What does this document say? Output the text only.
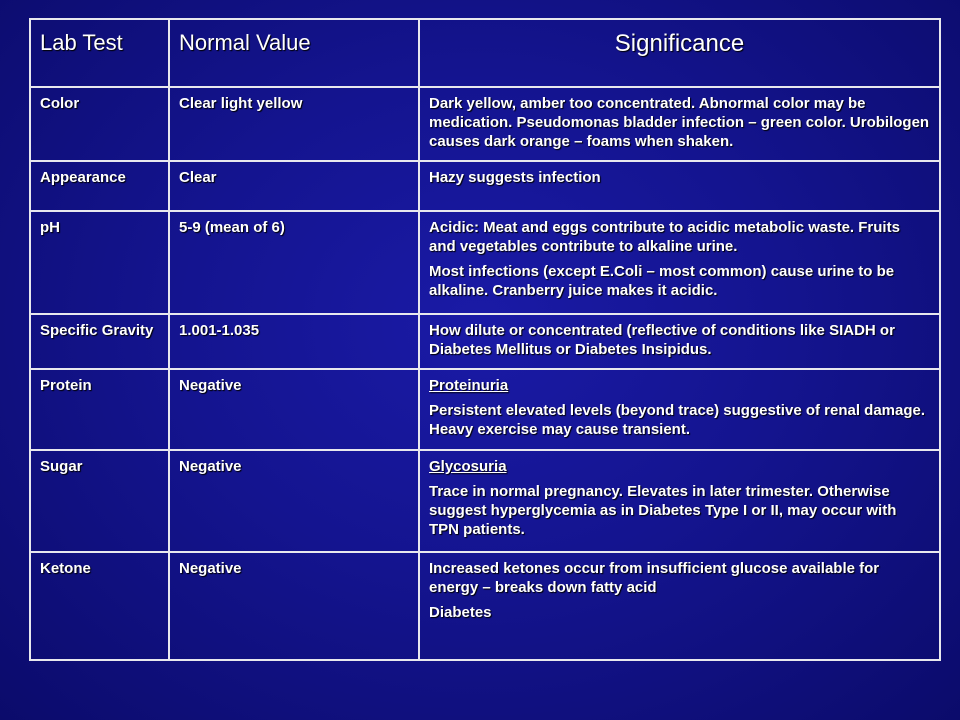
Lab Test	Normal Value	Significance
Color	Clear light yellow	Dark yellow, amber too concentrated. Abnormal color may be medication. Pseudomonas bladder infection – green color. Urobilogen causes dark orange – foams when shaken.

Appearance	Clear	Hazy suggests infection

pH	5-9 (mean of 6)	Acidic: Meat and eggs contribute to acidic metabolic waste. Fruits and vegetables contribute to alkaline urine.
Most infections (except E.Coli – most common) cause urine to be alkaline. Cranberry juice makes it acidic.

Specific Gravity	1.001-1.035	How dilute or concentrated (reflective of conditions like SIADH or Diabetes Mellitus or Diabetes Insipidus.

Protein	Negative	Proteinuria
Persistent elevated levels (beyond trace) suggestive of renal damage. Heavy exercise may cause transient.

Sugar	Negative	Glycosuria
Trace in normal pregnancy. Elevates in later trimester. Otherwise suggest hyperglycemia as in Diabetes Type I or II, may occur with TPN patients.

Ketone	Negative	Increased ketones occur from insufficient glucose available for energy – breaks down fatty acid
Diabetes
